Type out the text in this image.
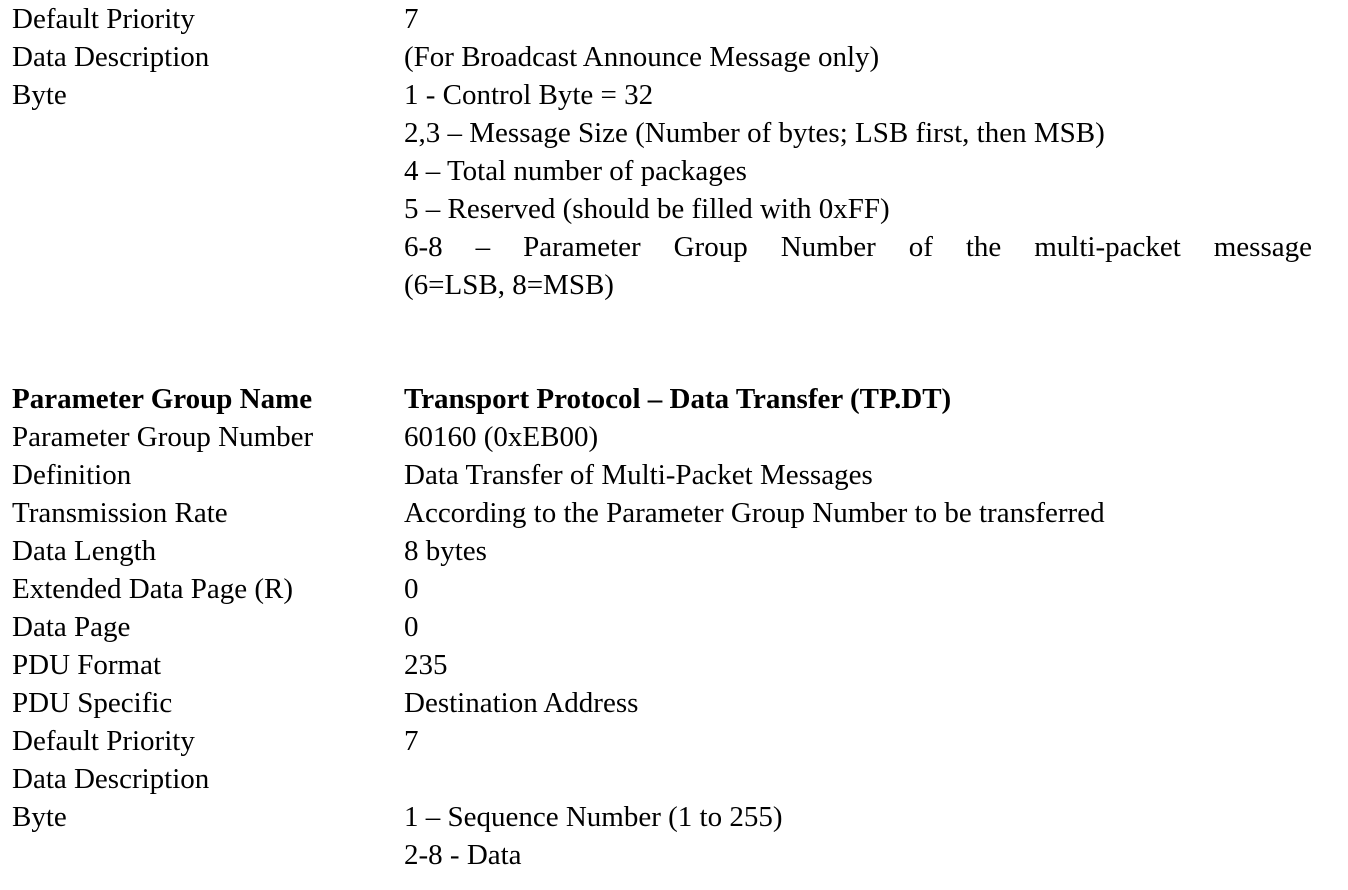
Default Priority	7
Data Description	(For Broadcast Announce Message only)
Byte	1 - Control Byte = 32
2,3 – Message Size (Number of bytes; LSB first, then MSB)
4 – Total number of packages
5 – Reserved (should be filled with 0xFF)
6-8 – Parameter Group Number of the multi-packet message
(6=LSB, 8=MSB)
Parameter Group Name	Transport Protocol – Data Transfer (TP.DT)
Parameter Group Number	60160 (0xEB00)
Definition	Data Transfer of Multi-Packet Messages
Transmission Rate	According to the Parameter Group Number to be transferred
Data Length	8 bytes
Extended Data Page (R)	0
Data Page	0
PDU Format	235
PDU Specific	Destination Address
Default Priority	7
Data Description
Byte	1 – Sequence Number (1 to 255)
2-8 - Data
